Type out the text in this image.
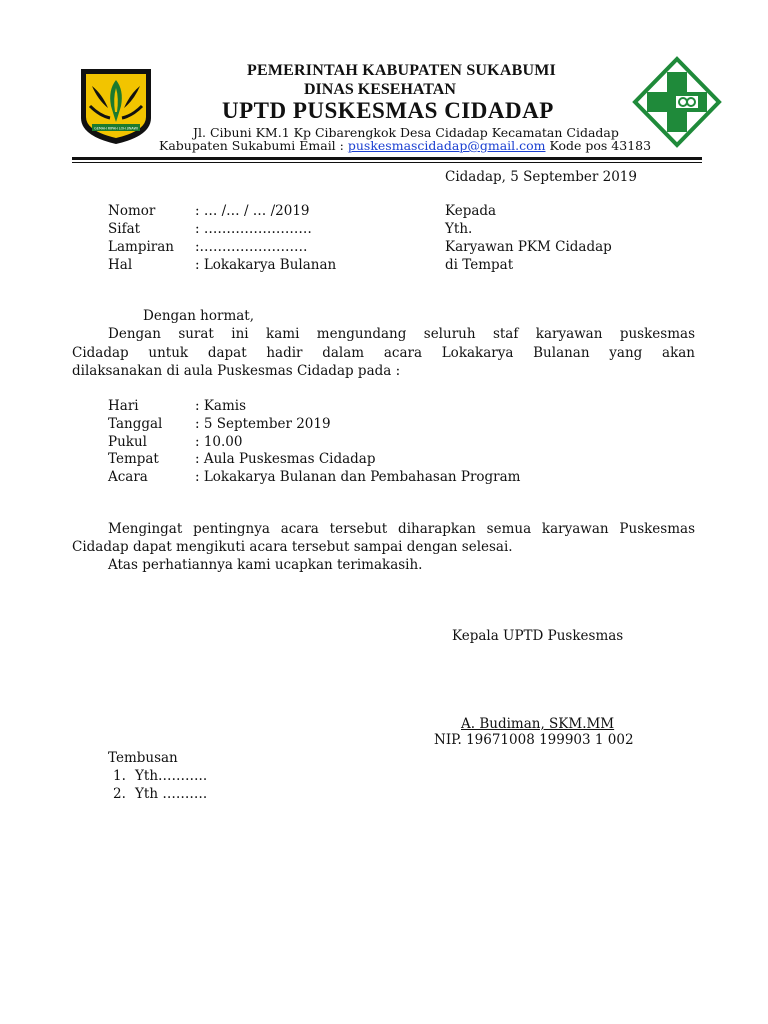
GEMAH RIPAH LOH JINAWI
PEMERINTAH KABUPATEN SUKABUMI
DINAS KESEHATAN
UPTD PUSKESMAS CIDADAP
Jl. Cibuni KM.1 Kp Cibarengkok Desa Cidadap Kecamatan Cidadap
Kabupaten Sukabumi Email : puskesmascidadap@gmail.com Kode pos 43183
Cidadap, 5 September 2019
Nomor	: … /… / … /2019
Sifat	: ……………………
Lampiran :……………………
Hal	: Lokakarya Bulanan
Kepada
Yth.
Karyawan PKM Cidadap
di Tempat
Dengan hormat,
Dengan surat ini kami mengundang seluruh staf karyawan puskesmas
Cidadap untuk dapat hadir dalam acara Lokakarya Bulanan yang akan
dilaksanakan di aula Puskesmas Cidadap pada :
Hari	: Kamis
Tanggal : 5 September 2019
Pukul	: 10.00
Tempat	: Aula Puskesmas Cidadap
Acara	: Lokakarya Bulanan dan Pembahasan Program
Mengingat pentingnya acara tersebut diharapkan semua karyawan Puskesmas
Cidadap dapat mengikuti acara tersebut sampai dengan selesai.
Atas perhatiannya kami ucapkan terimakasih.
Kepala UPTD Puskesmas
A. Budiman, SKM.MM
NIP. 19671008 199903 1 002
Tembusan
1. Yth………..
2. Yth ……….
